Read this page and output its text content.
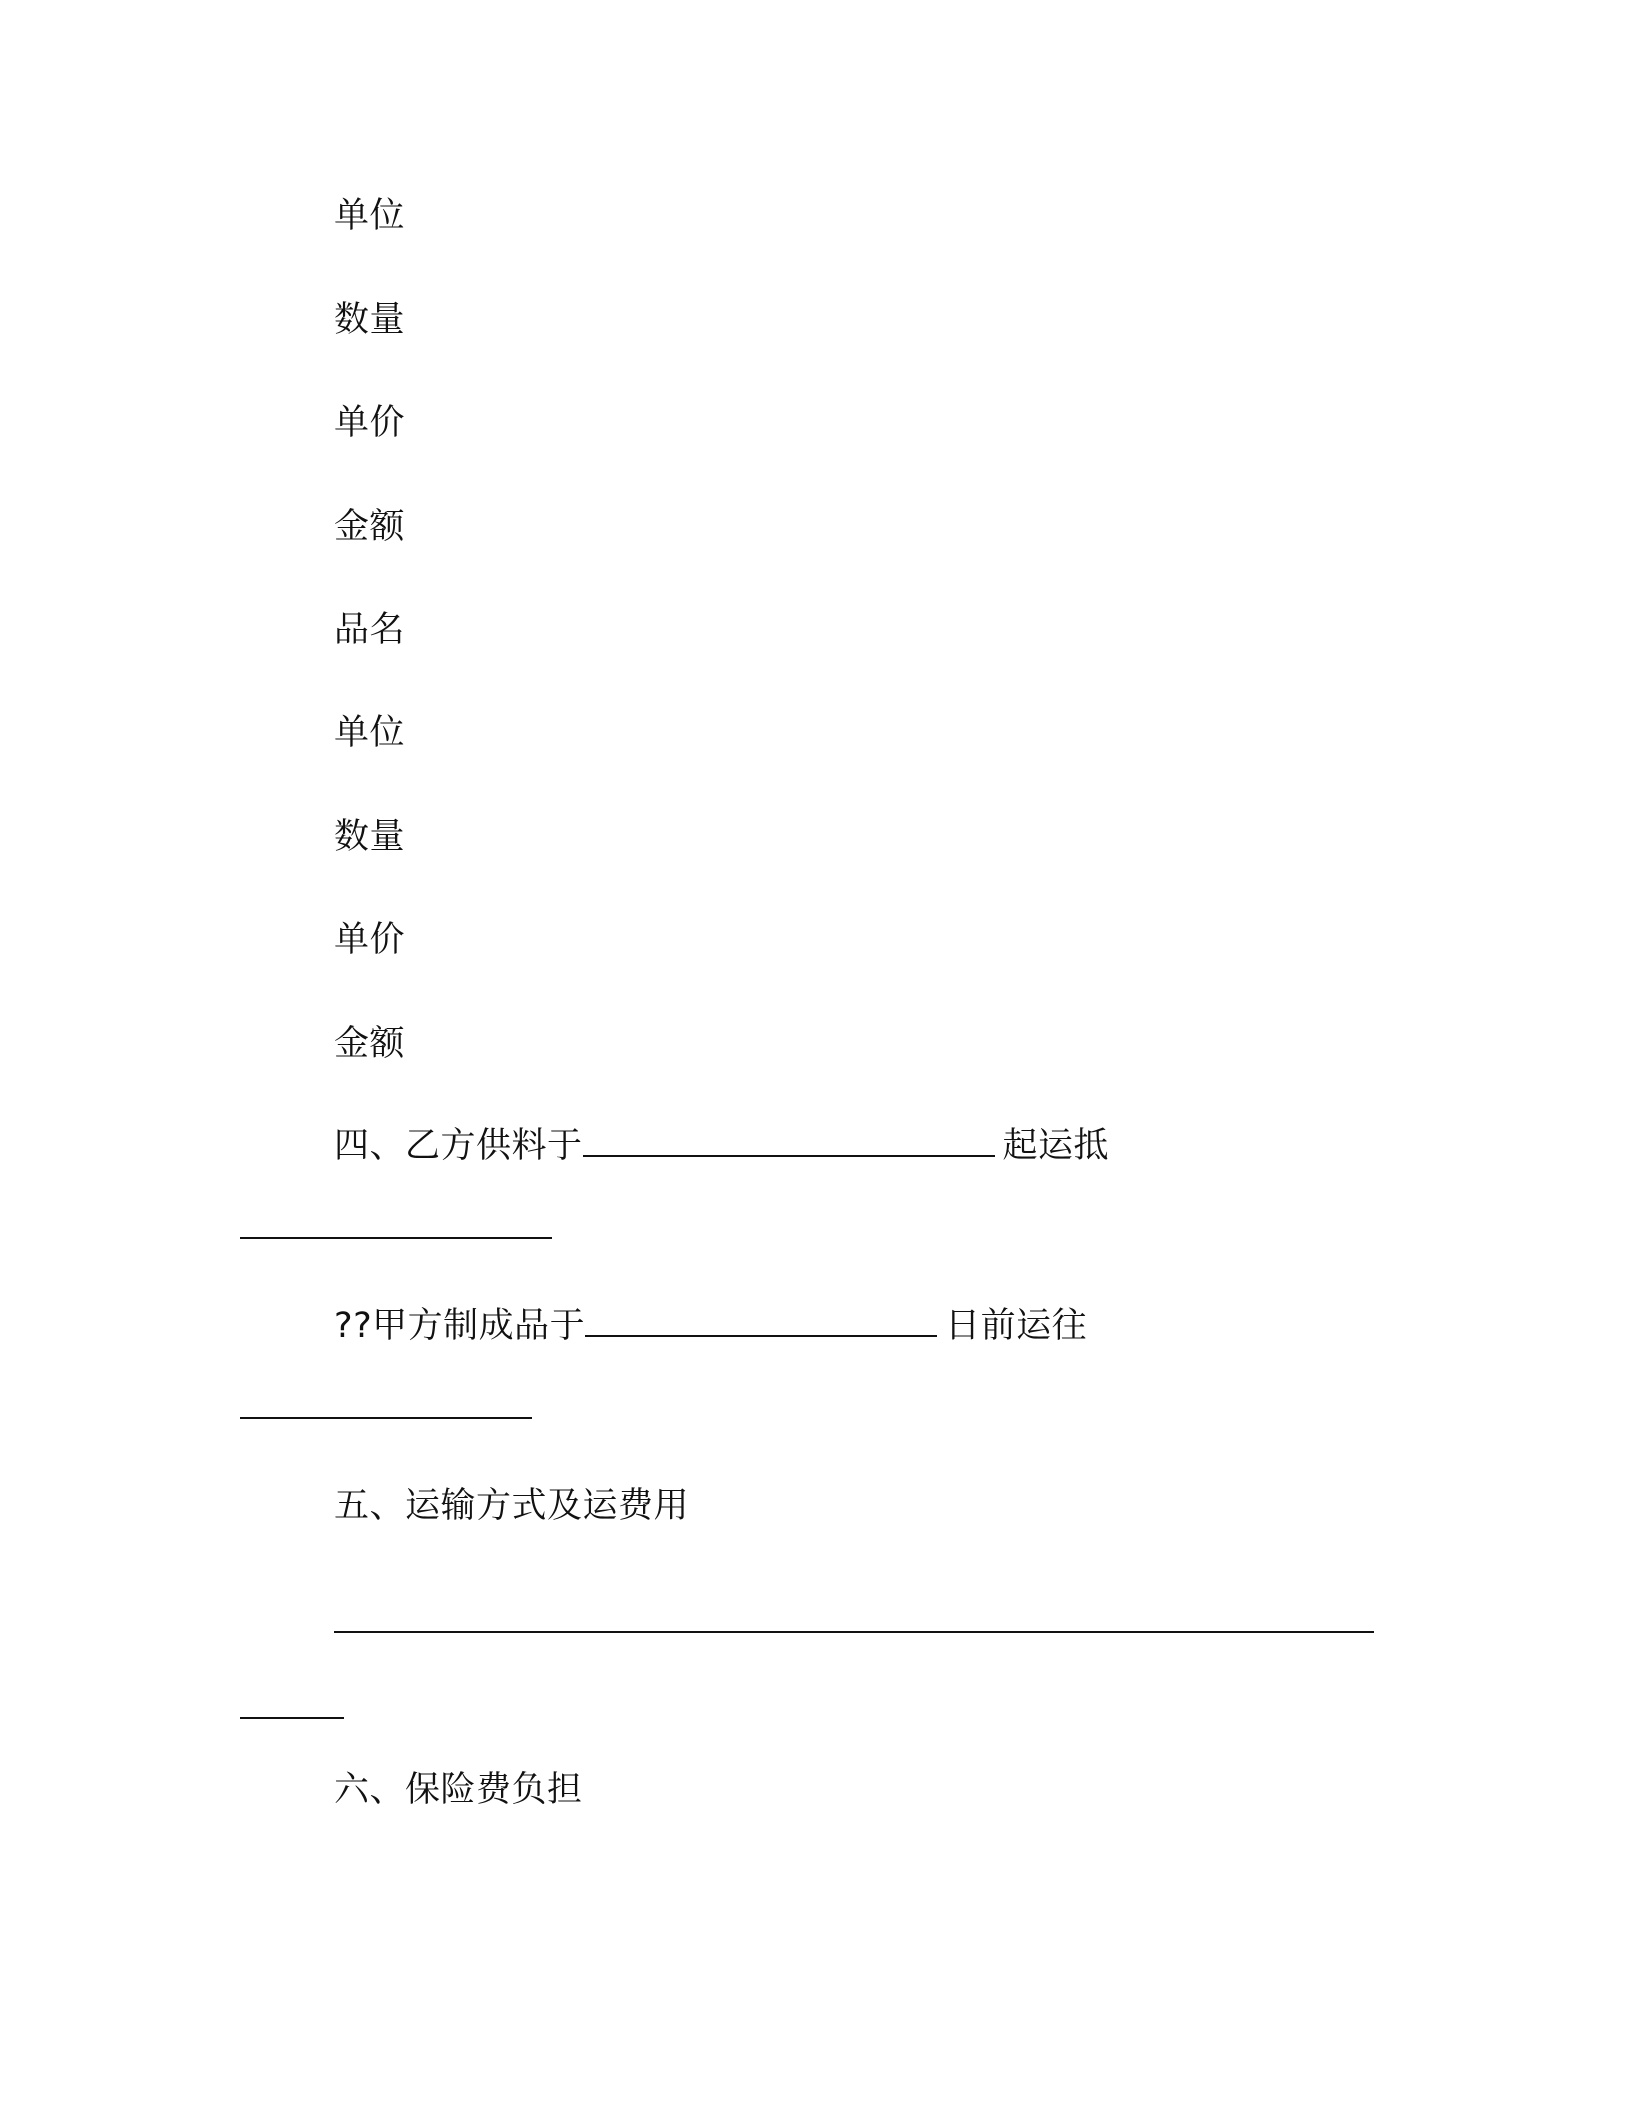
单位
数量
单价
金额
品名
单位
数量
单价
金额
四、乙方供料于	起运抵
??甲方制成品于	日前运往
五、运输方式及运费用
六、保险费负担
